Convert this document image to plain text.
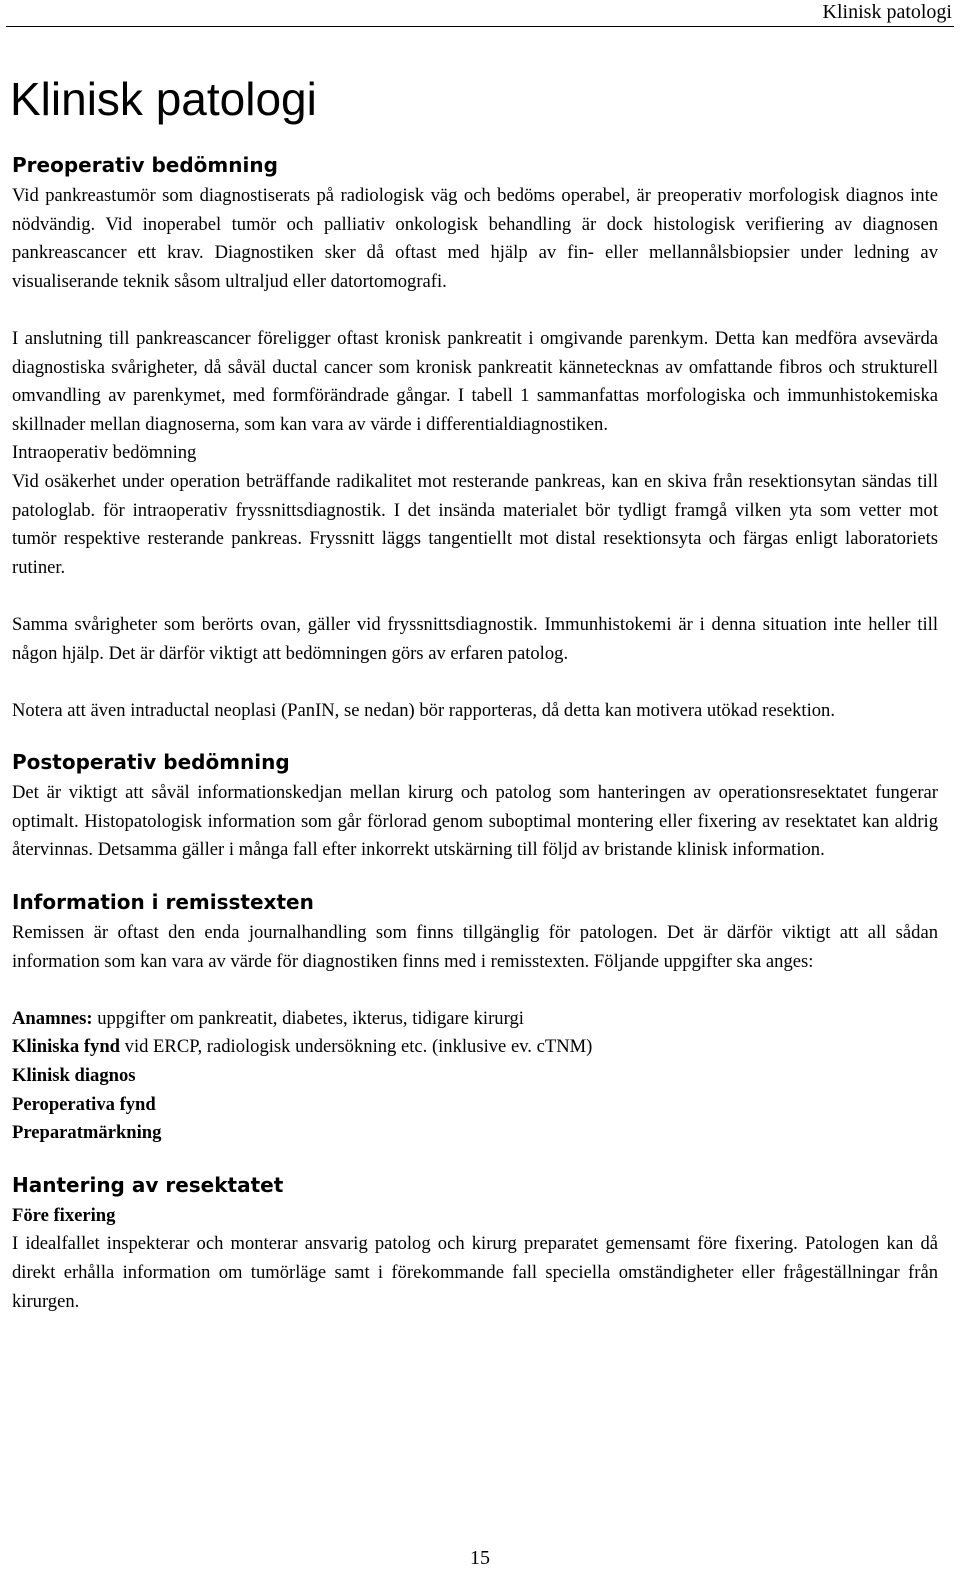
Klinisk patologi
Klinisk patologi
Preoperativ bedömning

Vid pankreastumör som diagnostiserats på radiologisk väg och bedöms operabel, är preoperativ morfologisk diagnos inte nödvändig. Vid inoperabel tumör och palliativ onkologisk behandling är dock histologisk verifiering av diagnosen pankreascancer ett krav. Diagnostiken sker då oftast med hjälp av fin- eller mellannålsbiopsier under ledning av visualiserande teknik såsom ultraljud eller datortomografi.

I anslutning till pankreascancer föreligger oftast kronisk pankreatit i omgivande parenkym. Detta kan medföra avsevärda diagnostiska svårigheter, då såväl ductal cancer som kronisk pankreatit kännetecknas av omfattande fibros och strukturell omvandling av parenkymet, med formförändrade gångar. I tabell 1 sammanfattas morfologiska och immunhistokemiska skillnader mellan diagnoserna, som kan vara av värde i differentialdiagnostiken.

Intraoperativ bedömning

Vid osäkerhet under operation beträffande radikalitet mot resterande pankreas, kan en skiva från resektionsytan sändas till patologlab. för intraoperativ fryssnittsdiagnostik. I det insända materialet bör tydligt framgå vilken yta som vetter mot tumör respektive resterande pankreas. Fryssnitt läggs tangentiellt mot distal resektionsyta och färgas enligt laboratoriets rutiner.

Samma svårigheter som berörts ovan, gäller vid fryssnittsdiagnostik. Immunhistokemi är i denna situation inte heller till någon hjälp. Det är därför viktigt att bedömningen görs av erfaren patolog.

Notera att även intraductal neoplasi (PanIN, se nedan) bör rapporteras, då detta kan motivera utökad resektion.

Postoperativ bedömning

Det är viktigt att såväl informationskedjan mellan kirurg och patolog som hanteringen av operationsresektatet fungerar optimalt. Histopatologisk information som går förlorad genom suboptimal montering eller fixering av resektatet kan aldrig återvinnas. Detsamma gäller i många fall efter inkorrekt utskärning till följd av bristande klinisk information.

Information i remisstexten

Remissen är oftast den enda journalhandling som finns tillgänglig för patologen. Det är därför viktigt att all sådan information som kan vara av värde för diagnostiken finns med i remisstexten. Följande uppgifter ska anges:

Anamnes: uppgifter om pankreatit, diabetes, ikterus, tidigare kirurgi

Kliniska fynd vid ERCP, radiologisk undersökning etc. (inklusive ev. cTNM)

Klinisk diagnos

Peroperativa fynd

Preparatmärkning

Hantering av resektatet

Före fixering

I idealfallet inspekterar och monterar ansvarig patolog och kirurg preparatet gemensamt före fixering. Patologen kan då direkt erhålla information om tumörläge samt i förekommande fall speciella omständigheter eller frågeställningar från kirurgen.

15
